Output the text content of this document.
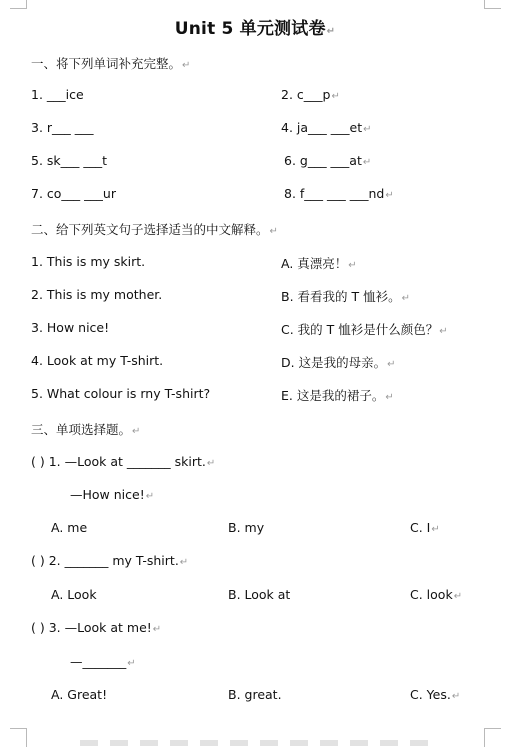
Unit 5 单元测试卷↵
一、将下列单词补充完整。↵
1. ___ice	2. c___p↵
3. r___ ___	4. ja___ ___et↵
5. sk___ ___t	6. g___ ___at↵
7. co___ ___ur	8. f___ ___ ___nd↵
二、给下列英文句子选择适当的中文解释。↵
1. This is my skirt.	A. 真漂亮！↵
2. This is my mother.	B. 看看我的 T 恤衫。↵
3. How nice!	C. 我的 T 恤衫是什么颜色？↵
4. Look at my T-shirt.	D. 这是我的母亲。↵
5. What colour is rny T-shirt?	E. 这是我的裙子。↵
三、单项选择题。↵
( ) 1. —Look at _______ skirt.↵
—How nice!↵
A. me	B. my	C. I↵
( ) 2. _______ my T-shirt.↵
A. Look	B. Look at	C. look↵
( ) 3. —Look at me!↵
—_______↵
A. Great!	B. great.	C. Yes.↵
